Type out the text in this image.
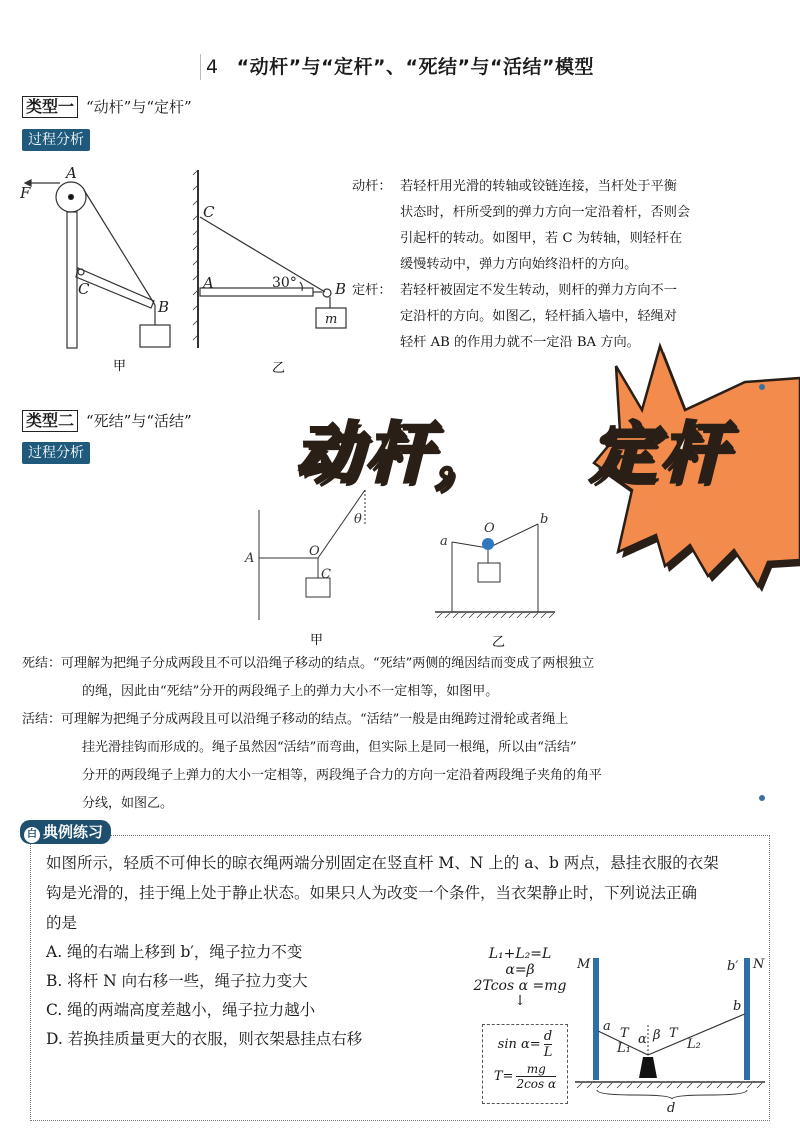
4 “动杆”与“定杆”、“死结”与“活结”模型
类型一 “动杆”与“定杆”
过程分析
A
F
C
B
C
A	30°	B
m
甲	乙
动杆： 若轻杆用光滑的转轴或铰链连接，当杆处于平衡
状态时，杆所受到的弹力方向一定沿着杆，否则会
引起杆的转动。如图甲，若 C 为转轴，则轻杆在
缓慢转动中，弹力方向始终沿杆的方向。
定杆： 若轻杆被固定不发生转动，则杆的弹力方向不一
定沿杆的方向。如图乙，轻杆插入墙中，轻绳对
轻杆 AB 的作用力就不一定沿 BA 方向。
类型二 “死结”与“活结”
过程分析
A	O
C
θ
a
O
b
甲	乙
动杆， 定杆
死结：可理解为把绳子分成两段且不可以沿绳子移动的结点。“死结”两侧的绳因结而变成了两根独立
的绳，因此由“死结”分开的两段绳子上的弹力大小不一定相等，如图甲。
活结：可理解为把绳子分成两段且可以沿绳子移动的结点。“活结”一般是由绳跨过滑轮或者绳上
挂光滑挂钩而形成的。绳子虽然因“活结”而弯曲，但实际上是同一根绳，所以由“活结”
分开的两段绳子上弹力的大小一定相等，两段绳子合力的方向一定沿着两段绳子夹角的角平
分线，如图乙。
白 典例练习
如图所示，轻质不可伸长的晾衣绳两端分别固定在竖直杆 M、N 上的 a、b 两点，悬挂衣服的衣架
钩是光滑的，挂于绳上处于静止状态。如果只人为改变一个条件，当衣架静止时，下列说法正确
的是
A. 绳的右端上移到 b′，绳子拉力不变
B. 将杆 N 向右移一些，绳子拉力变大
C. 绳的两端高度差越小，绳子拉力越小
D. 若换挂质量更大的衣服，则衣架悬挂点右移
L₁+L₂=L
α=β
2Tcos α =mg
↓
$\sin \alpha= \frac{d}{L}$
$T= \frac{mg}{\text{2cos α}}$
M	N
a
b
b′
T	T
α β
L₁	L₂
d
